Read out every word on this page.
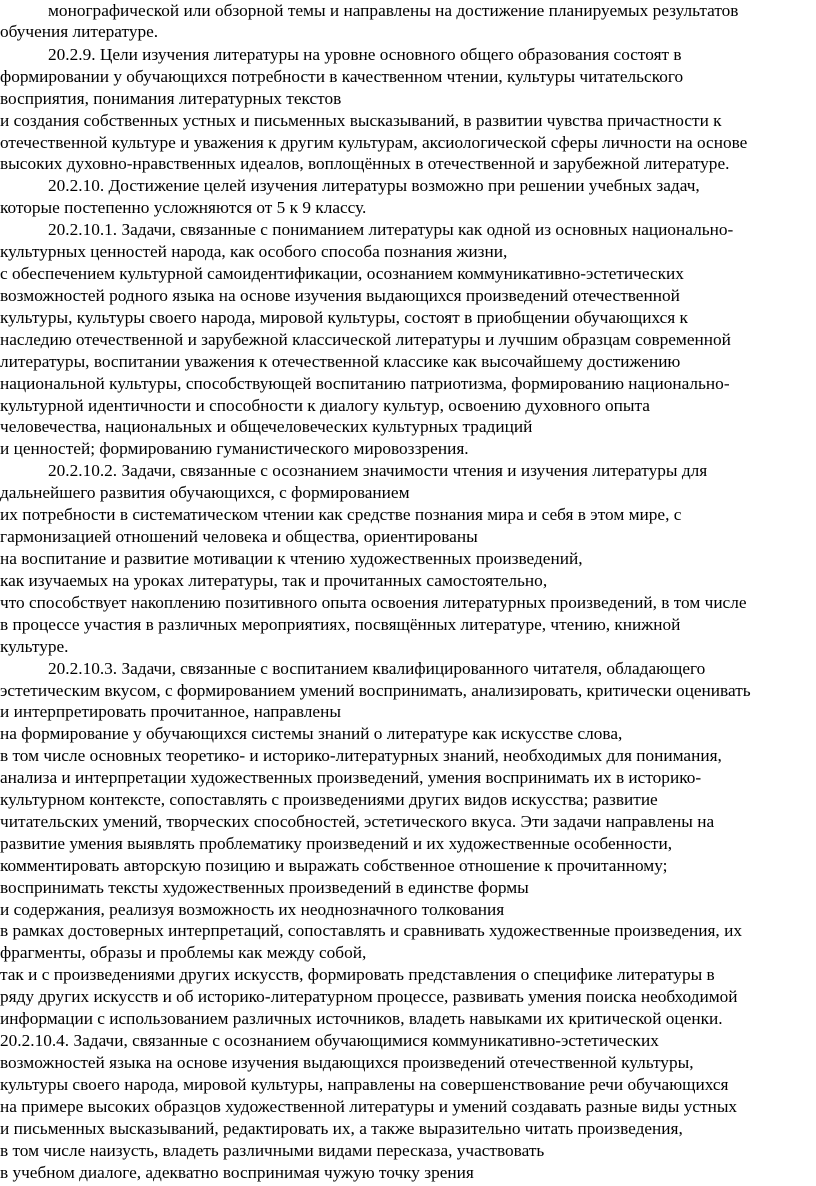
монографической или обзорной темы и направлены на достижение планируемых результатов
обучения литературе.
20.2.9. Цели изучения литературы на уровне основного общего образования состоят в
формировании у обучающихся потребности в качественном чтении, культуры читательского
восприятия, понимания литературных текстов
и создания собственных устных и письменных высказываний, в развитии чувства причастности к
отечественной культуре и уважения к другим культурам, аксиологической сферы личности на основе
высоких духовно-нравственных идеалов, воплощённых в отечественной и зарубежной литературе.
20.2.10. Достижение целей изучения литературы возможно при решении учебных задач,
которые постепенно усложняются от 5 к 9 классу.
20.2.10.1. Задачи, связанные с пониманием литературы как одной из основных национально-
культурных ценностей народа, как особого способа познания жизни,
с обеспечением культурной самоидентификации, осознанием коммуникативно-эстетических
возможностей родного языка на основе изучения выдающихся произведений отечественной
культуры, культуры своего народа, мировой культуры, состоят в приобщении обучающихся к
наследию отечественной и зарубежной классической литературы и лучшим образцам современной
литературы, воспитании уважения к отечественной классике как высочайшему достижению
национальной культуры, способствующей воспитанию патриотизма, формированию национально-
культурной идентичности и способности к диалогу культур, освоению духовного опыта
человечества, национальных и общечеловеческих культурных традиций
и ценностей; формированию гуманистического мировоззрения.
20.2.10.2. Задачи, связанные с осознанием значимости чтения и изучения литературы для
дальнейшего развития обучающихся, с формированием
их потребности в систематическом чтении как средстве познания мира и себя в этом мире, с
гармонизацией отношений человека и общества, ориентированы
на воспитание и развитие мотивации к чтению художественных произведений,
как изучаемых на уроках литературы, так и прочитанных самостоятельно,
что способствует накоплению позитивного опыта освоения литературных произведений, в том числе
в процессе участия в различных мероприятиях, посвящённых литературе, чтению, книжной
культуре.
20.2.10.3. Задачи, связанные с воспитанием квалифицированного читателя, обладающего
эстетическим вкусом, с формированием умений воспринимать, анализировать, критически оценивать
и интерпретировать прочитанное, направлены
на формирование у обучающихся системы знаний о литературе как искусстве слова,
в том числе основных теоретико- и историко-литературных знаний, необходимых для понимания,
анализа и интерпретации художественных произведений, умения воспринимать их в историко-
культурном контексте, сопоставлять с произведениями других видов искусства; развитие
читательских умений, творческих способностей, эстетического вкуса. Эти задачи направлены на
развитие умения выявлять проблематику произведений и их художественные особенности,
комментировать авторскую позицию и выражать собственное отношение к прочитанному;
воспринимать тексты художественных произведений в единстве формы
и содержания, реализуя возможность их неоднозначного толкования
в рамках достоверных интерпретаций, сопоставлять и сравнивать художественные произведения, их
фрагменты, образы и проблемы как между собой,
так и с произведениями других искусств, формировать представления о специфике литературы в
ряду других искусств и об историко-литературном процессе, развивать умения поиска необходимой
информации с использованием различных источников, владеть навыками их критической оценки.
20.2.10.4. Задачи, связанные с осознанием обучающимися коммуникативно-эстетических
возможностей языка на основе изучения выдающихся произведений отечественной культуры,
культуры своего народа, мировой культуры, направлены на совершенствование речи обучающихся
на примере высоких образцов художественной литературы и умений создавать разные виды устных
и письменных высказываний, редактировать их, а также выразительно читать произведения,
в том числе наизусть, владеть различными видами пересказа, участвовать
в учебном диалоге, адекватно воспринимая чужую точку зрения
